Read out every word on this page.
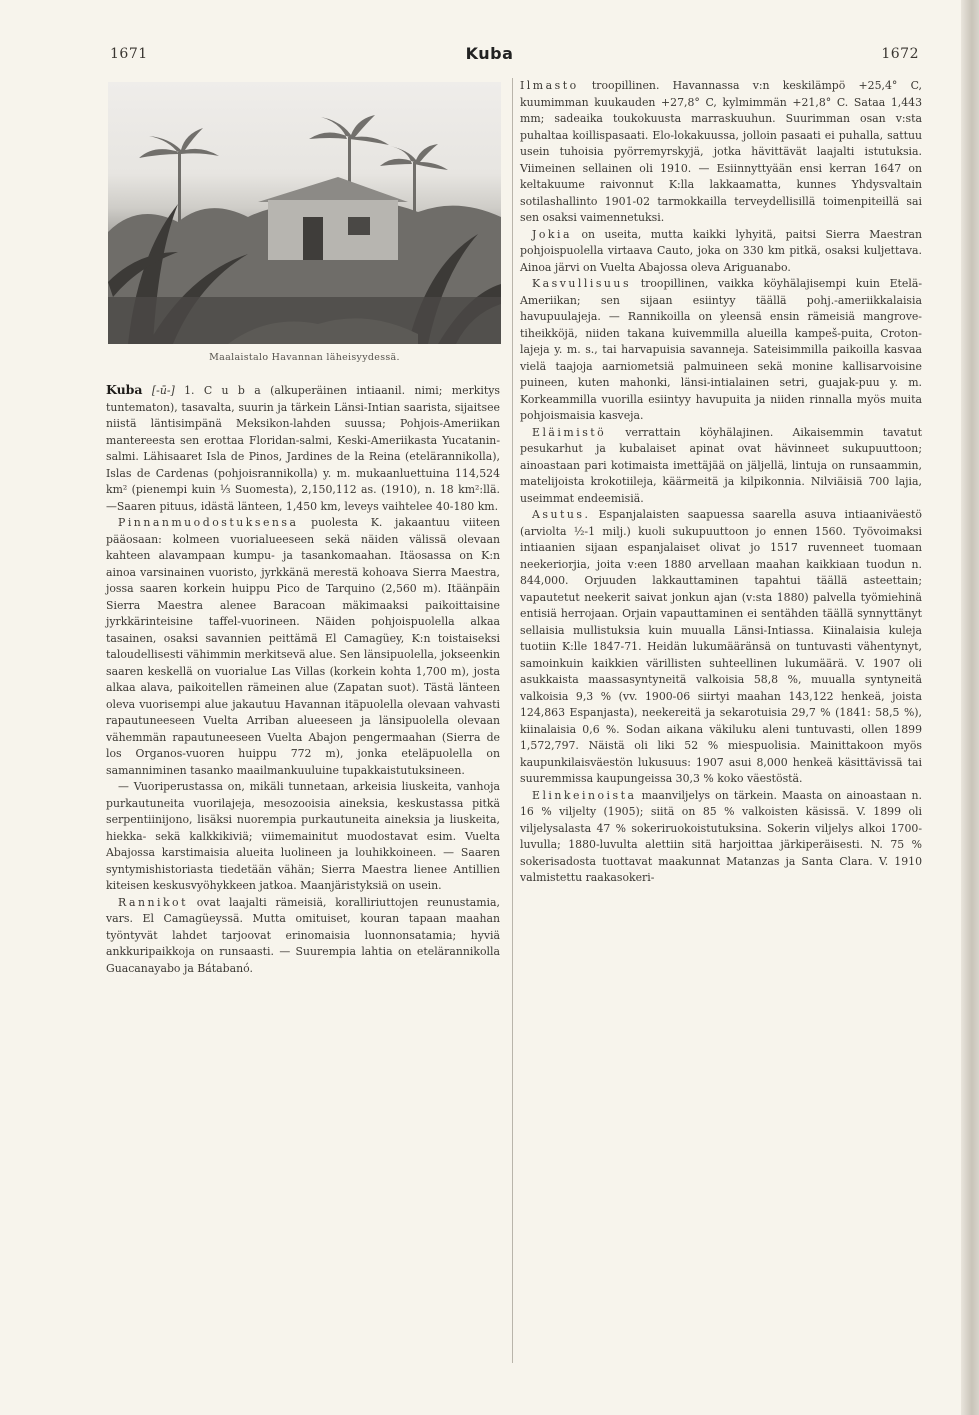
1671	Kuba	1672
Maalaistalo Havannan läheisyydessä.

Kuba [-ū-] 1. C u b a (alkuperäinen intiaanil. nimi; merkitys tuntematon), tasavalta, suurin ja tärkein Länsi-Intian saarista, sijaitsee niistä läntisimpänä Meksikon-lahden suussa; Pohjois-Ameriikan mantereesta sen erottaa Floridan-salmi, Keski-Ameriikasta Yucatanin-salmi. Lähisaaret Isla de Pinos, Jardines de la Reina (etelärannikolla), Islas de Cardenas (pohjoisrannikolla) y. m. mukaanluettuina 114,524 km² (pienempi kuin ⅓ Suomesta), 2,150,112 as. (1910), n. 18 km²:llä. —Saaren pituus, idästä länteen, 1,450 km, leveys vaihtelee 40-180 km.

Pinnanmuodostuksensa puolesta K. jakaantuu viiteen pääosaan: kolmeen vuorialueeseen sekä näiden välissä olevaan kahteen alavampaan kumpu- ja tasankomaahan. Itäosassa on K:n ainoa varsinainen vuoristo, jyrkkänä merestä kohoava Sierra Maestra, jossa saaren korkein huippu Pico de Tarquino (2,560 m). Itäänpäin Sierra Maestra alenee Baracoan mäkimaaksi paikoittaisine jyrkkärinteisine taffel-vuorineen. Näiden pohjoispuolella alkaa tasainen, osaksi savannien peittämä El Camagüey, K:n toistaiseksi taloudellisesti vähimmin merkitsevä alue. Sen länsipuolella, jokseenkin saaren keskellä on vuorialue Las Villas (korkein kohta 1,700 m), josta alkaa alava, paikoitellen rämeinen alue (Zapatan suot). Tästä länteen oleva vuorisempi alue jakautuu Havannan itäpuolella olevaan vahvasti rapautuneeseen Vuelta Arriban alueeseen ja länsipuolella olevaan vähemmän rapautuneeseen Vuelta Abajon pengermaahan (Sierra de los Organos-vuoren huippu 772 m), jonka eteläpuolella on samanniminen tasanko maailmankuuluine tupakkaistutuksineen.

— Vuoriperustassa on, mikäli tunnetaan, arkeisia liuskeita, vanhoja purkautuneita vuorilajeja, mesozooisia aineksia, keskustassa pitkä serpentiinijono, lisäksi nuorempia purkautuneita aineksia ja liuskeita, hiekka- sekä kalkkikiviä; viimemainitut muodostavat esim. Vuelta Abajossa karstimaisia alueita luolineen ja louhikkoineen. — Saaren syntymishistoriasta tiedetään vähän; Sierra Maestra lienee Antillien kiteisen keskusvyöhykkeen jatkoa. Maanjäristyksiä on usein.

Rannikot ovat laajalti rämeisiä, koralliriuttojen reunustamia, vars. El Camagüeyssä. Mutta omituiset, kouran tapaan maahan työntyvät lahdet tarjoovat erinomaisia luonnonsatamia; hyviä ankkuripaikkoja on runsaasti. — Suurempia lahtia on etelärannikolla Guacanayabo ja Bátabanó.

Ilmasto troopillinen. Havannassa v:n keskilämpö +25,4° C, kuumimman kuukauden +27,8° C, kylmimmän +21,8° C. Sataa 1,443 mm; sadeaika toukokuusta marraskuuhun. Suurimman osan v:sta puhaltaa koillispasaati. Elo-lokakuussa, jolloin pasaati ei puhalla, sattuu usein tuhoisia pyörremyrskyjä, jotka hävittävät laajalti istutuksia. Viimeinen sellainen oli 1910. — Esiinnyttyään ensi kerran 1647 on keltakuume raivonnut K:lla lakkaamatta, kunnes Yhdysvaltain sotilashallinto 1901-02 tarmokkailla terveydellisillä toimenpiteillä sai sen osaksi vaimennetuksi.

Jokia on useita, mutta kaikki lyhyitä, paitsi Sierra Maestran pohjoispuolella virtaava Cauto, joka on 330 km pitkä, osaksi kuljettava. Ainoa järvi on Vuelta Abajossa oleva Ariguanabo.

Kasvullisuus troopillinen, vaikka köyhälajisempi kuin Etelä-Ameriikan; sen sijaan esiintyy täällä pohj.-ameriikkalaisia havupuulajeja. — Rannikoilla on yleensä ensin rämeisiä mangrove-tiheikköjä, niiden takana kuivemmilla alueilla kampeš-puita, Croton-lajeja y. m. s., tai harvapuisia savanneja. Sateisimmilla paikoilla kasvaa vielä taajoja aarniometsiä palmuineen sekä monine kallisarvoisine puineen, kuten mahonki, länsi-intialainen setri, guajak-puu y. m. Korkeammilla vuorilla esiintyy havupuita ja niiden rinnalla myös muita pohjoismaisia kasveja.

Eläimistö verrattain köyhälajinen. Aikaisemmin tavatut pesukarhut ja kubalaiset apinat ovat hävinneet sukupuuttoon; ainoastaan pari kotimaista imettäjää on jäljellä, lintuja on runsaammin, matelijoista krokotiileja, käärmeitä ja kilpikonnia. Nilviäisiä 700 lajia, useimmat endeemisiä.

Asutus. Espanjalaisten saapuessa saarella asuva intiaaniväestö (arviolta ½-1 milj.) kuoli sukupuuttoon jo ennen 1560. Työvoimaksi intiaanien sijaan espanjalaiset olivat jo 1517 ruvenneet tuomaan neekeriorjia, joita v:een 1880 arvellaan maahan kaikkiaan tuodun n. 844,000. Orjuuden lakkauttaminen tapahtui täällä asteettain; vapautetut neekerit saivat jonkun ajan (v:sta 1880) palvella työmiehinä entisiä herrojaan. Orjain vapauttaminen ei sentähden täällä synnyttänyt sellaisia mullistuksia kuin muualla Länsi-Intiassa. Kiinalaisia kuleja tuotiin K:lle 1847-71. Heidän lukumääränsä on tuntuvasti vähentynyt, samoinkuin kaikkien värillisten suhteellinen lukumäärä. V. 1907 oli asukkaista maassasyntyneitä valkoisia 58,8 %, muualla syntyneitä valkoisia 9,3 % (vv. 1900-06 siirtyi maahan 143,122 henkeä, joista 124,863 Espanjasta), neekereitä ja sekarotuisia 29,7 % (1841: 58,5 %), kiinalaisia 0,6 %. Sodan aikana väkiluku aleni tuntuvasti, ollen 1899 1,572,797. Näistä oli liki 52 % miespuolisia. Mainittakoon myös kaupunkilaisväestön lukusuus: 1907 asui 8,000 henkeä käsittävissä tai suuremmissa kaupungeissa 30,3 % koko väestöstä.

Elinkeinoista maanviljelys on tärkein. Maasta on ainoastaan n. 16 % viljelty (1905); siitä on 85 % valkoisten käsissä. V. 1899 oli viljelysalasta 47 % sokeriruokoistutuksina. Sokerin viljelys alkoi 1700-luvulla; 1880-luvulta alettiin sitä harjoittaa järkiperäisesti. N. 75 % sokerisadosta tuottavat maakunnat Matanzas ja Santa Clara. V. 1910 valmistettu raakasokeri-
